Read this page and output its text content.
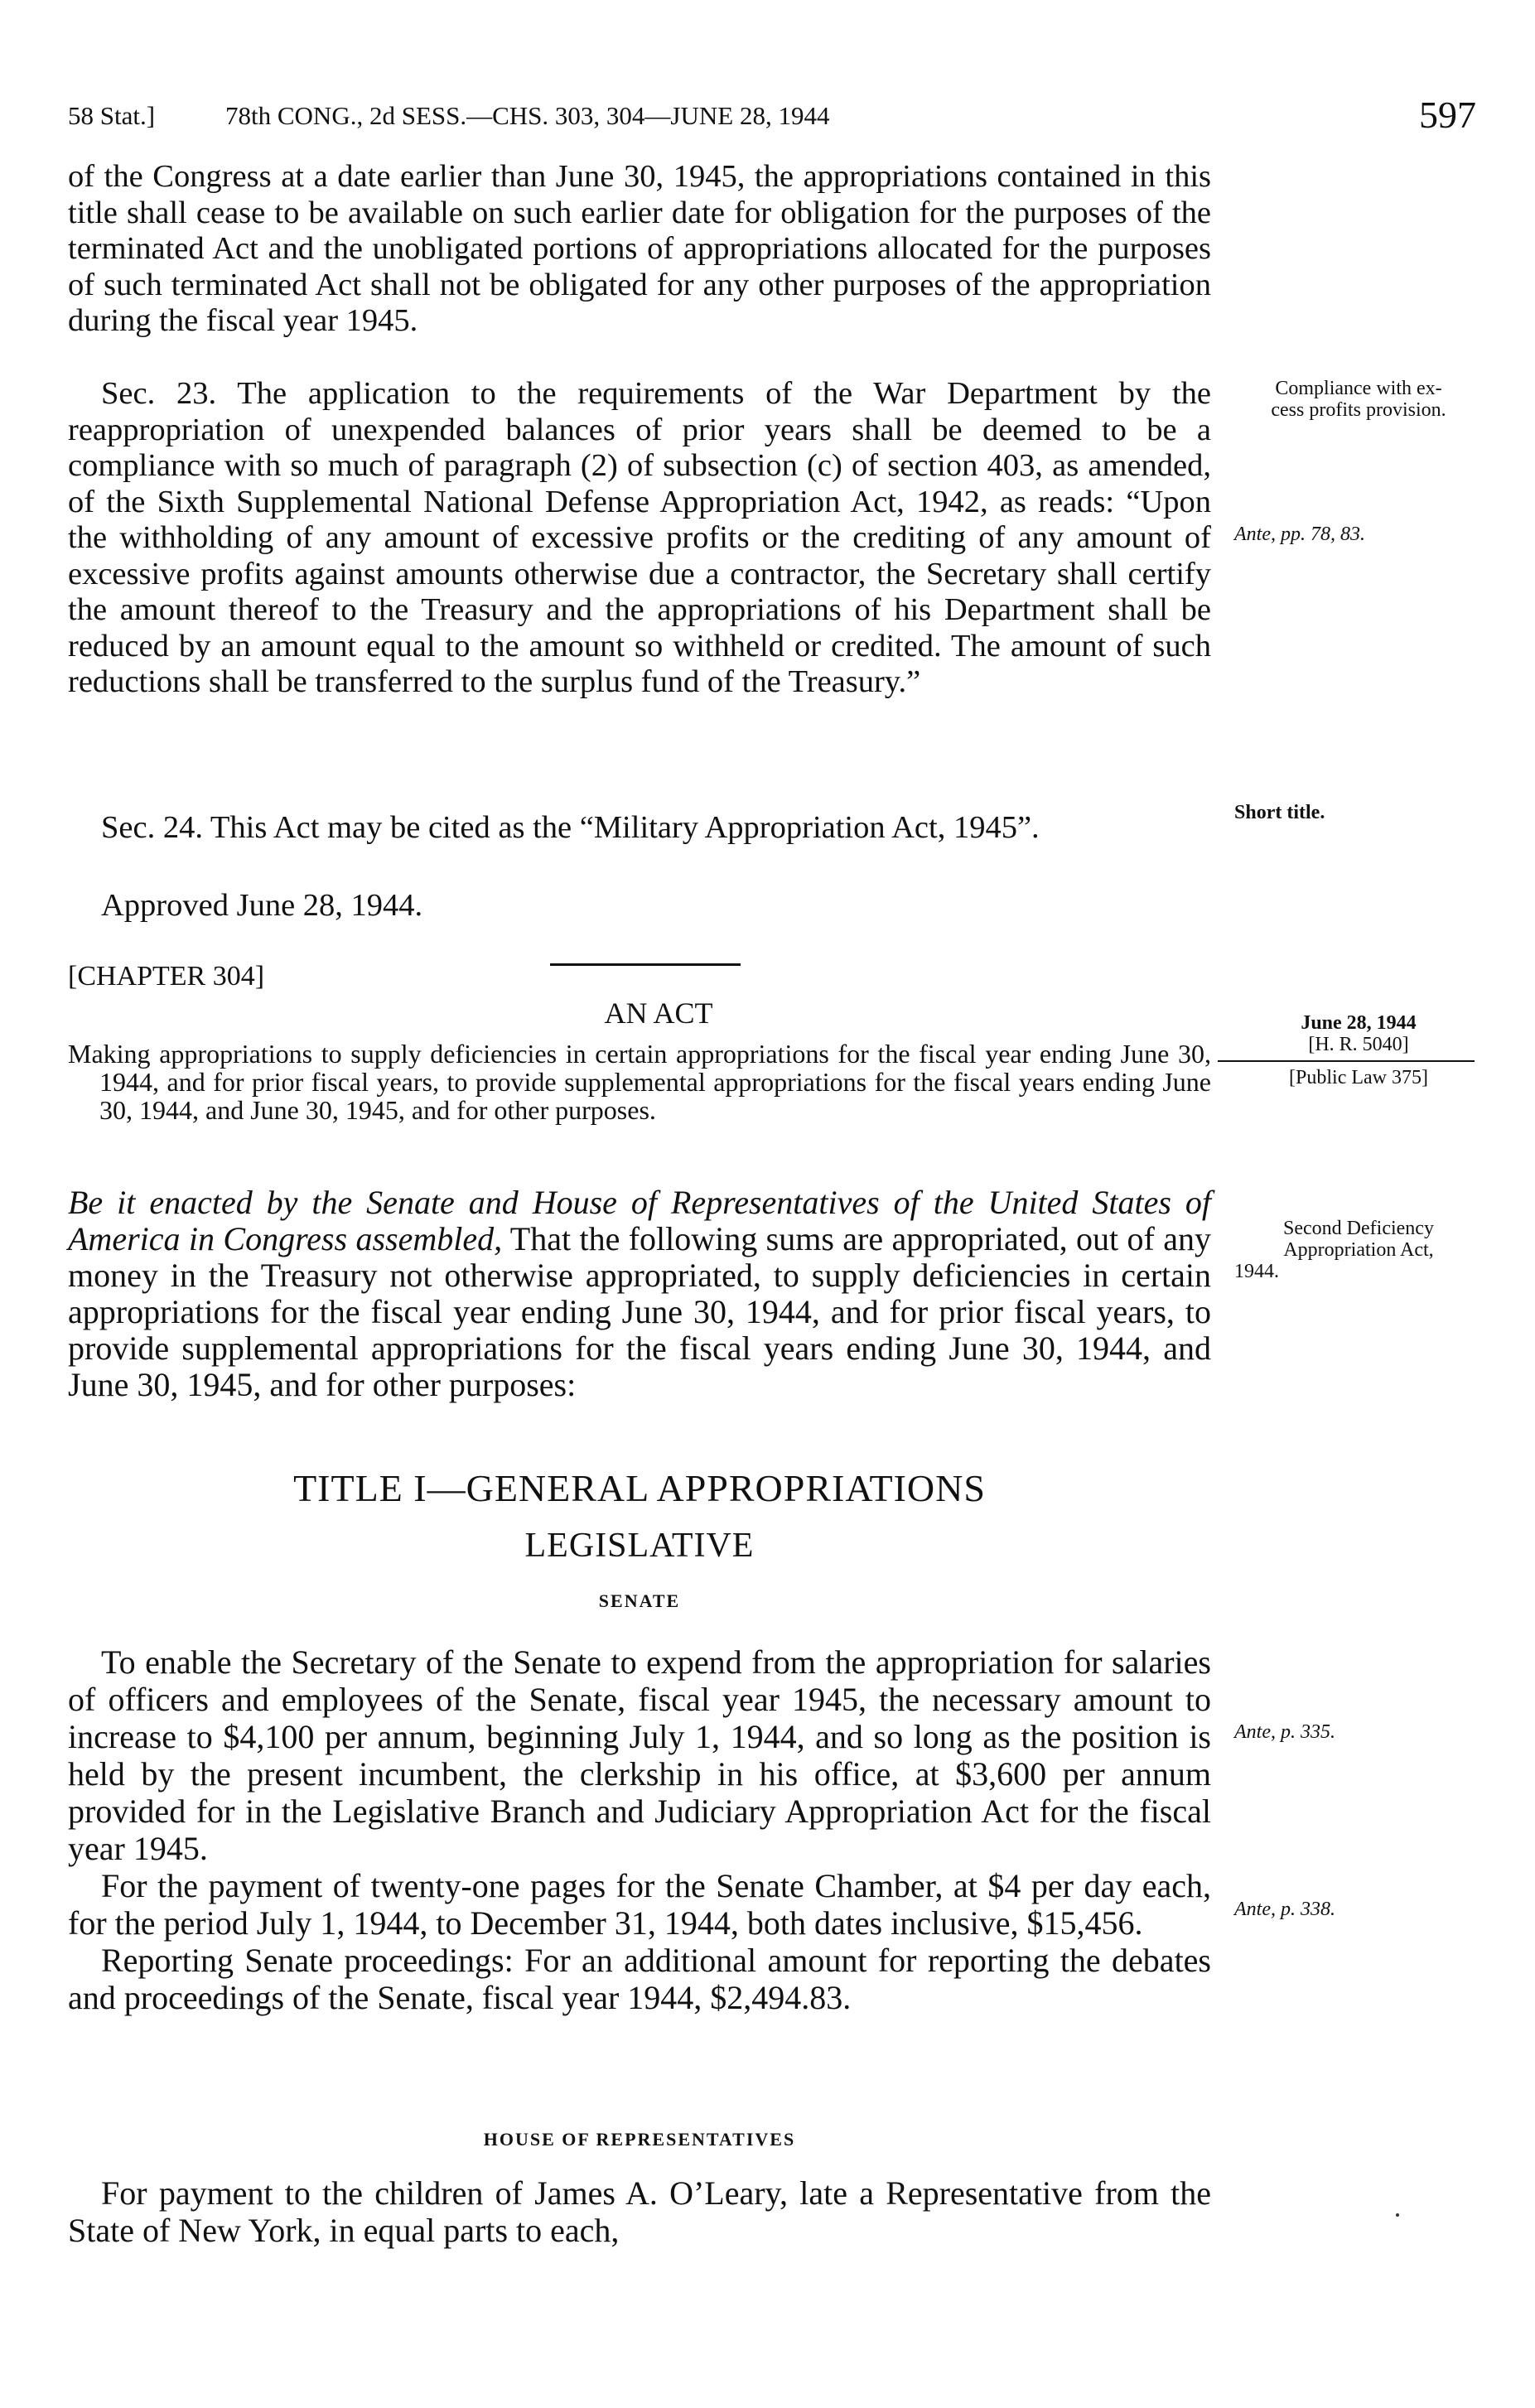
58 Stat.]	78th CONG., 2d SESS.—CHS. 303, 304—JUNE 28, 1944	597

of the Congress at a date earlier than June 30, 1945, the appropriations contained in this title shall cease to be available on such earlier date for obligation for the purposes of the terminated Act and the unobligated portions of appropriations allocated for the purposes of such terminated Act shall not be obligated for any other purposes of the appropriation during the fiscal year 1945.

Sec. 23. The application to the requirements of the War Department by the reappropriation of unexpended balances of prior years shall be deemed to be a compliance with so much of paragraph (2) of subsection (c) of section 403, as amended, of the Sixth Supplemental National Defense Appropriation Act, 1942, as reads: “Upon the withholding of any amount of excessive profits or the crediting of any amount of excessive profits against amounts otherwise due a contractor, the Secretary shall certify the amount thereof to the Treasury and the appropriations of his Department shall be reduced by an amount equal to the amount so withheld or credited. The amount of such reductions shall be transferred to the surplus fund of the Treasury.”

Sec. 24. This Act may be cited as the “Military Appropriation Act, 1945”.

Approved June 28, 1944.

Compliance with ex-
cess profits provision.
Ante, pp. 78, 83.
Short title.
[CHAPTER 304]
AN ACT	June 28, 1944
[H. R. 5040]
[Public Law 375]

Making appropriations to supply deficiencies in certain appropriations for the fiscal year ending June 30, 1944, and for prior fiscal years, to provide supplemental appropriations for the fiscal years ending June 30, 1944, and June 30, 1945, and for other purposes.

Be it enacted by the Senate and House of Representatives of the United States of America in Congress assembled, That the following sums are appropriated, out of any money in the Treasury not otherwise appropriated, to supply deficiencies in certain appropriations for the fiscal year ending June 30, 1944, and for prior fiscal years, to provide supplemental appropriations for the fiscal years ending June 30, 1944, and June 30, 1945, and for other purposes:
Second Deficiency
Appropriation Act,
1944.
TITLE I—GENERAL APPROPRIATIONS
LEGISLATIVE
SENATE

To enable the Secretary of the Senate to expend from the appropriation for salaries of officers and employees of the Senate, fiscal year 1945, the necessary amount to increase to $4,100 per annum, beginning July 1, 1944, and so long as the position is held by the present incumbent, the clerkship in his office, at $3,600 per annum provided for in the Legislative Branch and Judiciary Appropriation Act for the fiscal year 1945.

For the payment of twenty-one pages for the Senate Chamber, at $4 per day each, for the period July 1, 1944, to December 31, 1944, both dates inclusive, $15,456.

Reporting Senate proceedings: For an additional amount for reporting the debates and proceedings of the Senate, fiscal year 1944, $2,494.83.

Ante, p. 335.
Ante, p. 338.
HOUSE OF REPRESENTATIVES

For payment to the children of James A. O’Leary, late a Representative from the State of New York, in equal parts to each,
